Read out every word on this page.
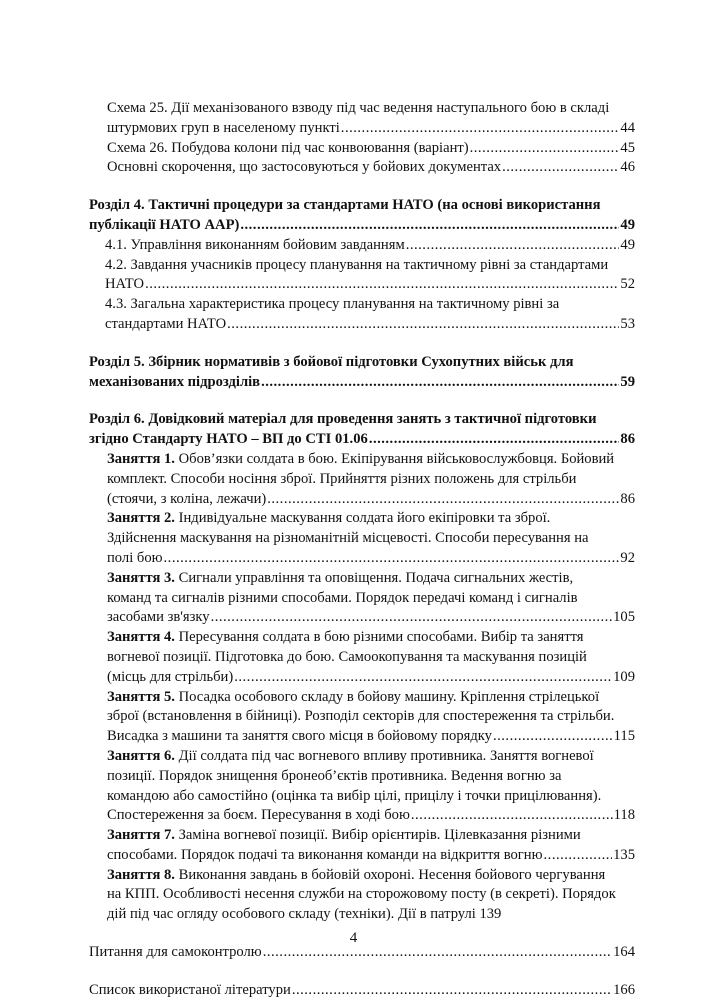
Схема 25. Дії механізованого взводу під час ведення наступального бою в складі
штурмових груп в населеному пункті .....	44
Схема 26. Побудова колони під час конвоювання (варіант) .....	45
Основні скорочення, що застосовуються у бойових документах .....	46
Розділ 4. Тактичні процедури за стандартами НАТО (на основі використання
публікації НАТО ААР) .....	49
4.1. Управління виконанням бойовим завданням .....	49
4.2. Завдання учасників процесу планування на тактичному рівні за стандартами
НАТО .....	52
4.3. Загальна характеристика процесу планування на тактичному рівні за
стандартами НАТО .....	53
Розділ 5. Збірник нормативів з бойової підготовки Сухопутних військ для
механізованих підрозділів .....	59
Розділ 6. Довідковий матеріал для проведення занять з тактичної підготовки
згідно Стандарту НАТО – ВП до СТІ 01.06 .....	86
Заняття 1. Обов’язки солдата в бою. Екіпірування військовослужбовця. Бойовий
комплект. Способи носіння зброї. Прийняття різних положень для стрільби
(стоячи, з коліна, лежачи) .....	86
Заняття 2. Індивідуальне маскування солдата його екіпіровки та зброї.
Здійснення маскування на різноманітній місцевості. Способи пересування на
полі бою .....	92
Заняття 3. Сигнали управління та оповіщення. Подача сигнальних жестів,
команд та сигналів різними способами. Порядок передачі команд і сигналів
засобами зв'язку .....	105
Заняття 4. Пересування солдата в бою різними способами. Вибір та заняття
вогневої позиції. Підготовка до бою. Самоокопування та маскування позицій
(місць для стрільби) .....	109
Заняття 5. Посадка особового складу в бойову машину. Кріплення стрілецької
зброї (встановлення в бійниці). Розподіл секторів для спостереження та стрільби.
Висадка з машини та заняття свого місця в бойовому порядку .....	115
Заняття 6. Дії солдата під час вогневого впливу противника. Заняття вогневої
позиції. Порядок знищення бронеоб’єктів противника. Ведення вогню за
командою або самостійно (оцінка та вибір цілі, прицілу і точки прицілювання).
Спостереження за боєм. Пересування в ході бою .....	118
Заняття 7. Заміна вогневої позиції. Вибір орієнтирів. Цілевказання різними
способами. Порядок подачі та виконання команди на відкриття вогню .....	135
Заняття 8. Виконання завдань в бойовій охороні. Несення бойового чергування
на КПП. Особливості несення служби на сторожовому посту (в секреті). Порядок
дій під час огляду особового складу (техніки). Дії в патрулі 139
Питання для самоконтролю .....	164
Список використаної літератури .....	166
4
